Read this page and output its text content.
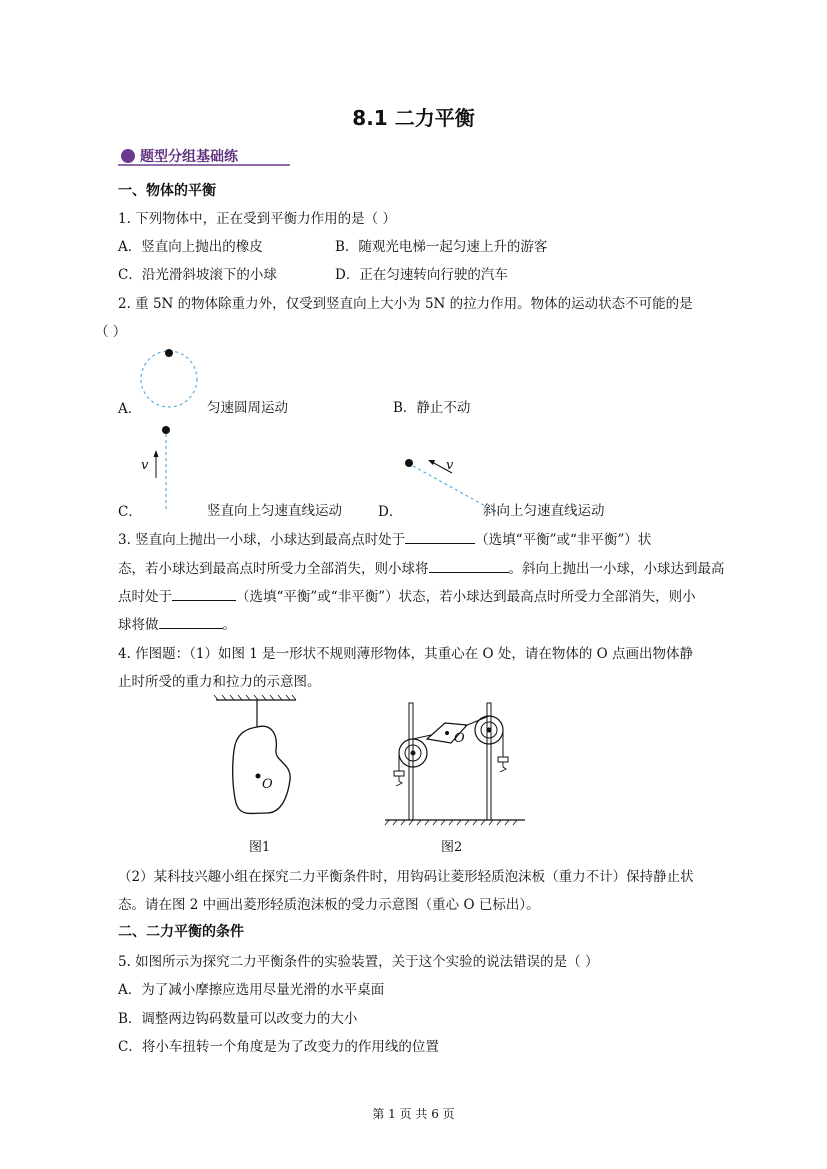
8.1 二力平衡
题型分组基础练
一、物体的平衡
1. 下列物体中，正在受到平衡力作用的是（ ）
A．竖直向上抛出的橡皮	B．随观光电梯一起匀速上升的游客
C．沿光滑斜坡滚下的小球	D．正在匀速转向行驶的汽车
2. 重 5N 的物体除重力外，仅受到竖直向上大小为 5N 的拉力作用。物体的运动状态不可能的是
（ ）
A．	匀速圆周运动	B．静止不动
v
C．	竖直向上匀速直线运动
v
D．	斜向上匀速直线运动
3. 竖直向上抛出一小球，小球达到最高点时处于	（选填“平衡”或“非平衡”）状
态，若小球达到最高点时所受力全部消失，则小球将	。斜向上抛出一小球，小球达到最高
点时处于	（选填“平衡”或“非平衡”）状态，若小球达到最高点时所受力全部消失，则小
球将做	。
4. 作图题：（1）如图 1 是一形状不规则薄形物体，其重心在 O 处，请在物体的 O 点画出物体静
止时所受的重力和拉力的示意图。
O
图1
O
图2
（2）某科技兴趣小组在探究二力平衡条件时，用钩码让菱形轻质泡沫板（重力不计）保持静止状
态。请在图 2 中画出菱形轻质泡沫板的受力示意图（重心 O 已标出）。
二、二力平衡的条件
5. 如图所示为探究二力平衡条件的实验装置，关于这个实验的说法错误的是（ ）
A．为了减小摩擦应选用尽量光滑的水平桌面
B．调整两边钩码数量可以改变力的大小
C．将小车扭转一个角度是为了改变力的作用线的位置
第 1 页 共 6 页
